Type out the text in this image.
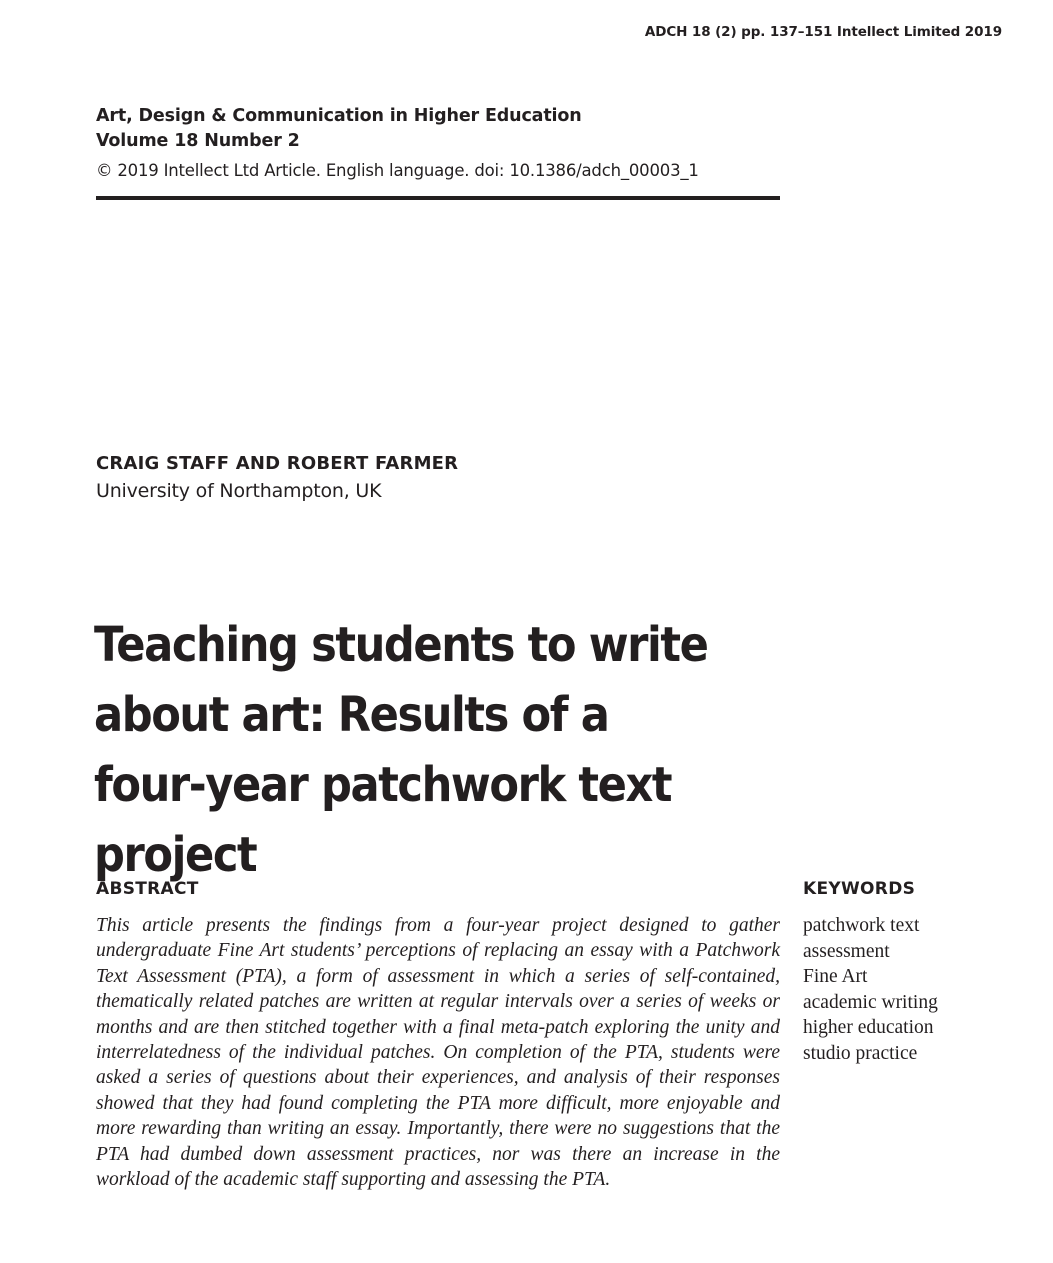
ADCH 18 (2) pp. 137–151 Intellect Limited 2019
Art, Design & Communication in Higher Education
Volume 18 Number 2
© 2019 Intellect Ltd Article. English language. doi: 10.1386/adch_00003_1
CRAIG STAFF AND ROBERT FARMER
University of Northampton, UK
Teaching students to write about art: Results of a four-year patchwork text project
ABSTRACT
This article presents the findings from a four-year project designed to gather undergraduate Fine Art students’ perceptions of replacing an essay with a Patchwork Text Assessment (PTA), a form of assessment in which a series of self-contained, thematically related patches are written at regular intervals over a series of weeks or months and are then stitched together with a final meta-patch exploring the unity and interrelatedness of the individual patches. On completion of the PTA, students were asked a series of questions about their experiences, and analysis of their responses showed that they had found completing the PTA more difficult, more enjoyable and more rewarding than writing an essay. Importantly, there were no suggestions that the PTA had dumbed down assessment practices, nor was there an increase in the workload of the academic staff supporting and assessing the PTA.
KEYWORDS
patchwork text
assessment
Fine Art
academic writing
higher education
studio practice
